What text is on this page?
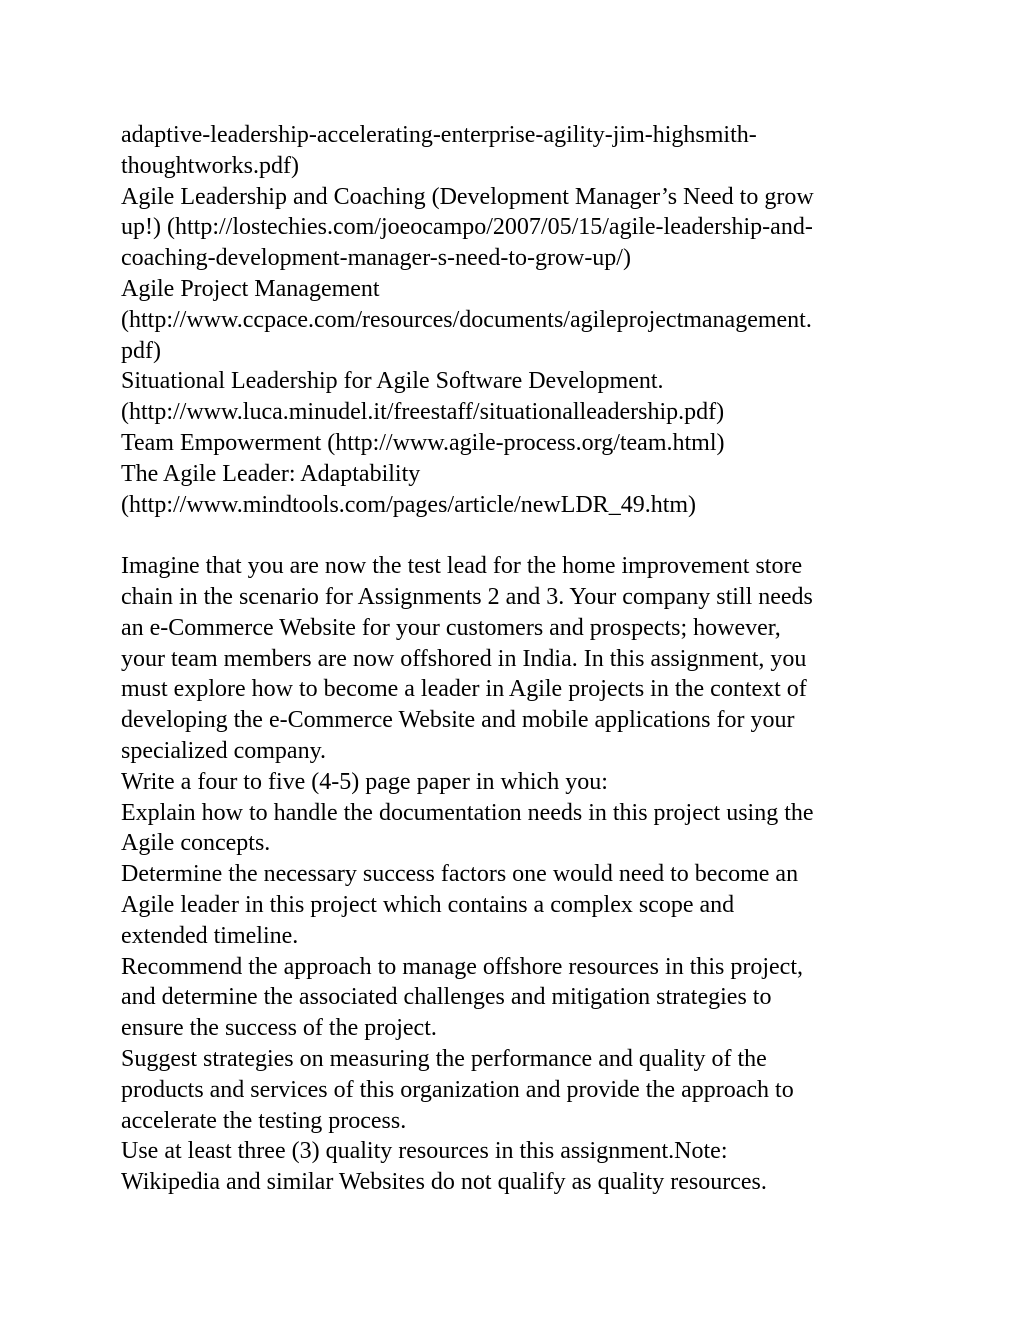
adaptive-leadership-accelerating-enterprise-agility-jim-highsmith-
thoughtworks.pdf)
Agile Leadership and Coaching (Development Manager’s Need to grow
up!) (http://lostechies.com/joeocampo/2007/05/15/agile-leadership-and-
coaching-development-manager-s-need-to-grow-up/)
Agile Project Management
(http://www.ccpace.com/resources/documents/agileprojectmanagement.
pdf)
Situational Leadership for Agile Software Development.
(http://www.luca.minudel.it/freestaff/situationalleadership.pdf)
Team Empowerment (http://www.agile-process.org/team.html)
The Agile Leader: Adaptability
(http://www.mindtools.com/pages/article/newLDR_49.htm)
Imagine that you are now the test lead for the home improvement store
chain in the scenario for Assignments 2 and 3. Your company still needs
an e-Commerce Website for your customers and prospects; however,
your team members are now offshored in India. In this assignment, you
must explore how to become a leader in Agile projects in the context of
developing the e-Commerce Website and mobile applications for your
specialized company.
Write a four to five (4-5) page paper in which you:
Explain how to handle the documentation needs in this project using the
Agile concepts.
Determine the necessary success factors one would need to become an
Agile leader in this project which contains a complex scope and
extended timeline.
Recommend the approach to manage offshore resources in this project,
and determine the associated challenges and mitigation strategies to
ensure the success of the project.
Suggest strategies on measuring the performance and quality of the
products and services of this organization and provide the approach to
accelerate the testing process.
Use at least three (3) quality resources in this assignment.Note:
Wikipedia and similar Websites do not qualify as quality resources.
